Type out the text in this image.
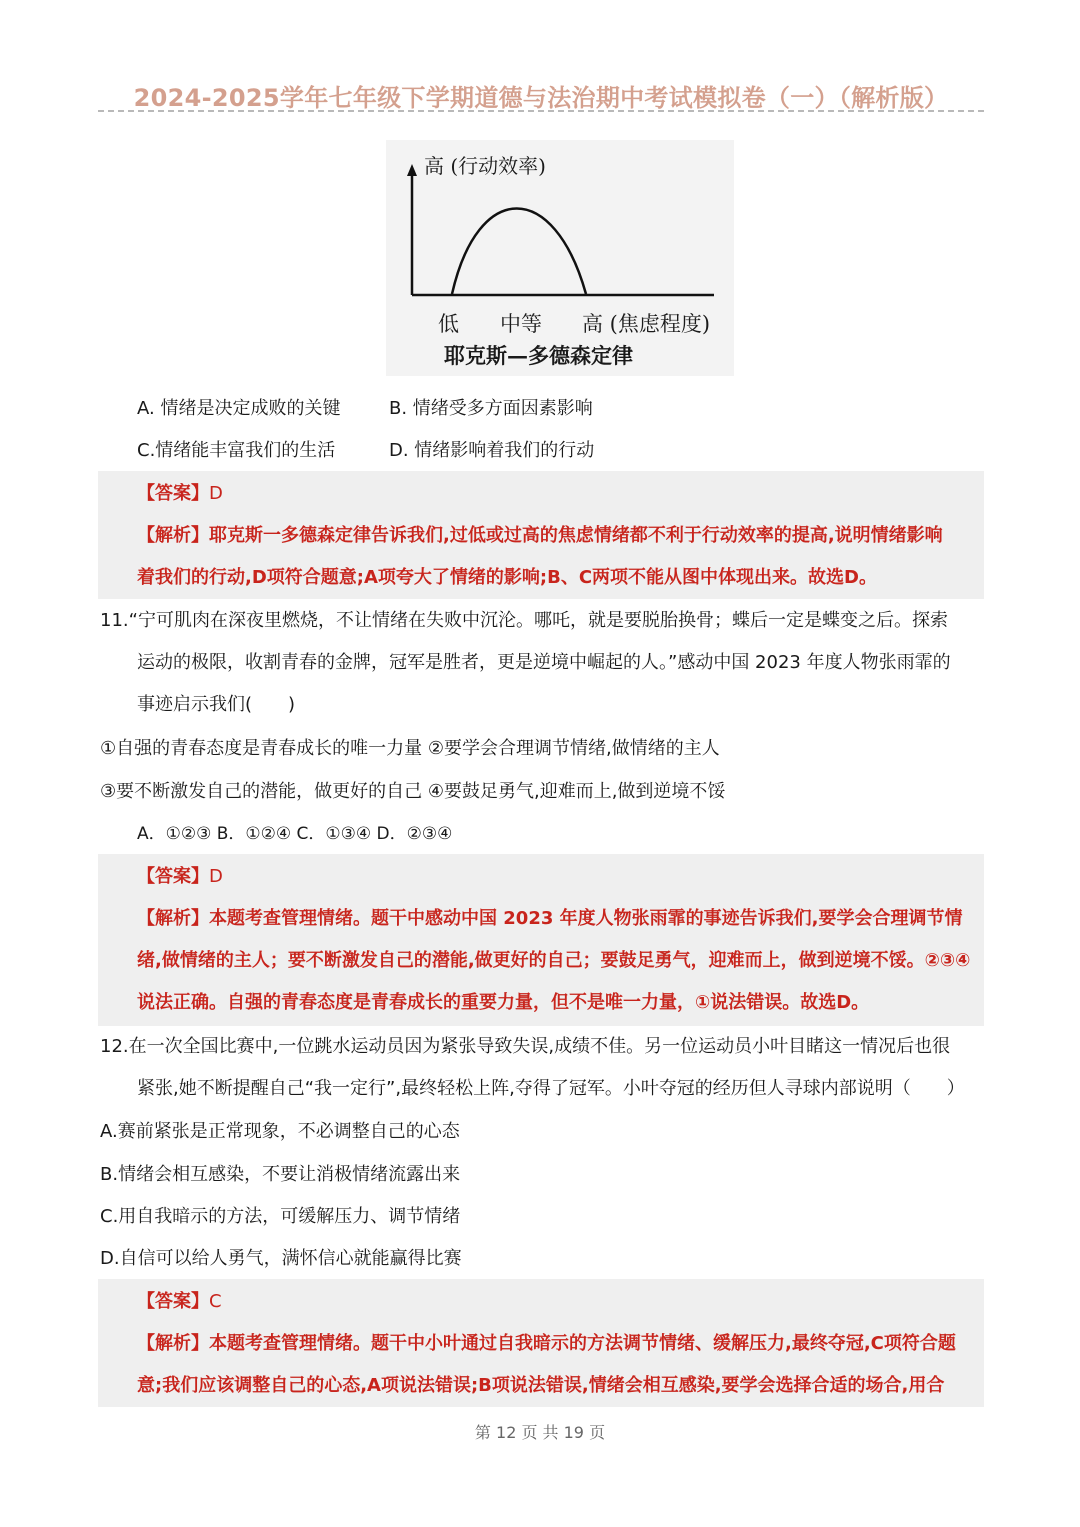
2024-2025学年七年级下学期道德与法治期中考试模拟卷（一）（解析版）
高 (行动效率)
低 中等 高 (焦虑程度)
耶克斯—多德森定律
A. 情绪是决定成败的关键	B. 情绪受多方面因素影响
C.情绪能丰富我们的生活	D. 情绪影响着我们的行动
【答案】D
【解析】耶克斯一多德森定律告诉我们,过低或过高的焦虑情绪都不利于行动效率的提高,说明情绪影响
着我们的行动,D项符合题意;A项夸大了情绪的影响;B、C两项不能从图中体现出来。故选D。
11.“宁可肌肉在深夜里燃烧，不让情绪在失败中沉沦。哪吒，就是要脱胎换骨；蝶后一定是蝶变之后。探索
运动的极限，收割青春的金牌，冠军是胜者，更是逆境中崛起的人。”感动中国 2023 年度人物张雨霏的
事迹启示我们(　　)
①自强的青春态度是青春成长的唯一力量 ②要学会合理调节情绪,做情绪的主人
③要不断激发自己的潜能，做更好的自己 ④要鼓足勇气,迎难而上,做到逆境不馁
A．①②③ B．①②④ C．①③④ D．②③④
【答案】D
【解析】本题考查管理情绪。题干中感动中国 2023 年度人物张雨霏的事迹告诉我们,要学会合理调节情
绪,做情绪的主人；要不断激发自己的潜能,做更好的自己；要鼓足勇气，迎难而上，做到逆境不馁。②③④
说法正确。自强的青春态度是青春成长的重要力量，但不是唯一力量，①说法错误。故选D。
12.在一次全国比赛中,一位跳水运动员因为紧张导致失误,成绩不佳。另一位运动员小叶目睹这一情况后也很
紧张,她不断提醒自己“我一定行”,最终轻松上阵,夺得了冠军。小叶夺冠的经历但人寻球内部说明（　　）
A.赛前紧张是正常现象，不必调整自己的心态
B.情绪会相互感染，不要让消极情绪流露出来
C.用自我暗示的方法，可缓解压力、调节情绪
D.自信可以给人勇气，满怀信心就能赢得比赛
【答案】C
【解析】本题考查管理情绪。题干中小叶通过自我暗示的方法调节情绪、缓解压力,最终夺冠,C项符合题
意;我们应该调整自己的心态,A项说法错误;B项说法错误,情绪会相互感染,要学会选择合适的场合,用合
第 12 页 共 19 页
